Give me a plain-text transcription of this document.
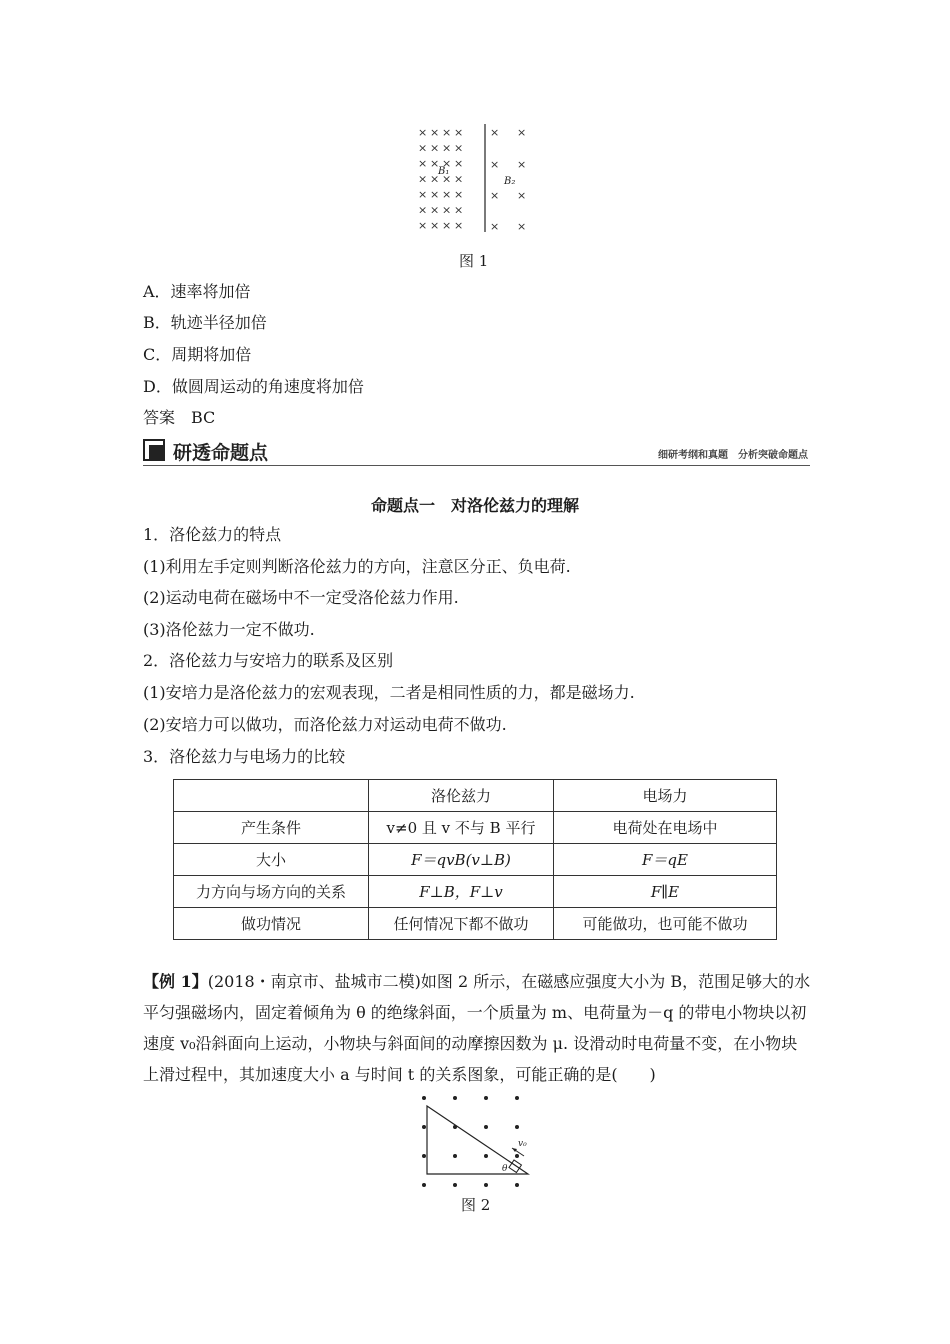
× × × ×
× × × ×
× × × ×
× × × ×
× × × ×
× × × ×
× × × ×
× ×
× ×
× ×
× ×
B₁
B₂
图 1
A．速率将加倍
B．轨迹半径加倍
C．周期将加倍
D．做圆周运动的角速度将加倍
答案　BC
研透命题点	细研考纲和真题　分析突破命题点
命题点一　对洛伦兹力的理解
1．洛伦兹力的特点
(1)利用左手定则判断洛伦兹力的方向，注意区分正、负电荷.
(2)运动电荷在磁场中不一定受洛伦兹力作用.
(3)洛伦兹力一定不做功.
2．洛伦兹力与安培力的联系及区别
(1)安培力是洛伦兹力的宏观表现，二者是相同性质的力，都是磁场力.
(2)安培力可以做功，而洛伦兹力对运动电荷不做功.
3．洛伦兹力与电场力的比较
	洛伦兹力	电场力
产生条件	v≠0 且 v 不与 B 平行	电荷处在电场中
大小	F＝qvB(v⊥B)	F＝qE
力方向与场方向的关系	F⊥B，F⊥v	F∥E
做功情况	任何情况下都不做功	可能做功，也可能不做功
【例 1】(2018・南京市、盐城市二模)如图 2 所示，在磁感应强度大小为 B，范围足够大的水平匀强磁场内，固定着倾角为 θ 的绝缘斜面，一个质量为 m、电荷量为－q 的带电小物块以初速度 v₀沿斜面向上运动，小物块与斜面间的动摩擦因数为 μ. 设滑动时电荷量不变，在小物块上滑过程中，其加速度大小 a 与时间 t 的关系图象，可能正确的是(　　)
v₀
θ
图 2
